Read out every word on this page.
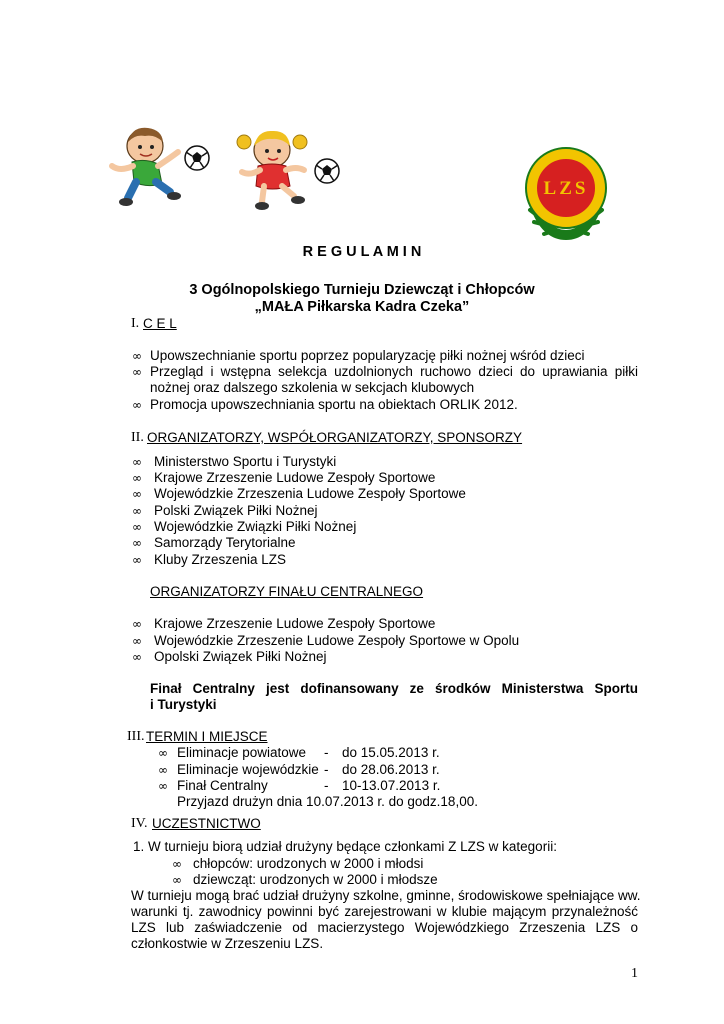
LZS
R E G U L A M I N
3 Ogólnopolskiego Turnieju Dziewcząt i Chłopców
„MAŁA Piłkarska Kadra Czeka”
I. C E L
∞ Upowszechnianie sportu poprzez popularyzację piłki nożnej wśród dzieci
∞ Przegląd i wstępna selekcja uzdolnionych ruchowo dzieci do uprawiania piłki
nożnej oraz dalszego szkolenia w sekcjach klubowych
∞ Promocja upowszechniania sportu na obiektach ORLIK 2012.
II. ORGANIZATORZY, WSPÓŁORGANIZATORZY, SPONSORZY
∞ Ministerstwo Sportu i Turystyki
∞ Krajowe Zrzeszenie Ludowe Zespoły Sportowe
∞ Wojewódzkie Zrzeszenia Ludowe Zespoły Sportowe
∞ Polski Związek Piłki Nożnej
∞ Wojewódzkie Związki Piłki Nożnej
∞ Samorządy Terytorialne
∞ Kluby Zrzeszenia LZS
ORGANIZATORZY FINAŁU CENTRALNEGO
∞ Krajowe Zrzeszenie Ludowe Zespoły Sportowe
∞ Wojewódzkie Zrzeszenie Ludowe Zespoły Sportowe w Opolu
∞ Opolski Związek Piłki Nożnej
Finał Centralny jest dofinansowany ze środków Ministerstwa Sportu
i Turystyki
III. TERMIN I MIEJSCE
∞ Eliminacje powiatowe - do 15.05.2013 r.
∞ Eliminacje wojewódzkie - do 28.06.2013 r.
∞ Finał Centralny	- 10-13.07.2013 r.
Przyjazd drużyn dnia 10.07.2013 r. do godz.18,00.
IV. UCZESTNICTWO
1. W turnieju biorą udział drużyny będące członkami Z LZS w kategorii:
∞ chłopców: urodzonych w 2000 i młodsi
∞ dziewcząt: urodzonych w 2000 i młodsze
W turnieju mogą brać udział drużyny szkolne, gminne, środowiskowe spełniające ww.
warunki tj. zawodnicy powinni być zarejestrowani w klubie mającym przynależność
LZS lub zaświadczenie od macierzystego Wojewódzkiego Zrzeszenia LZS o
członkostwie w Zrzeszeniu LZS.
1
